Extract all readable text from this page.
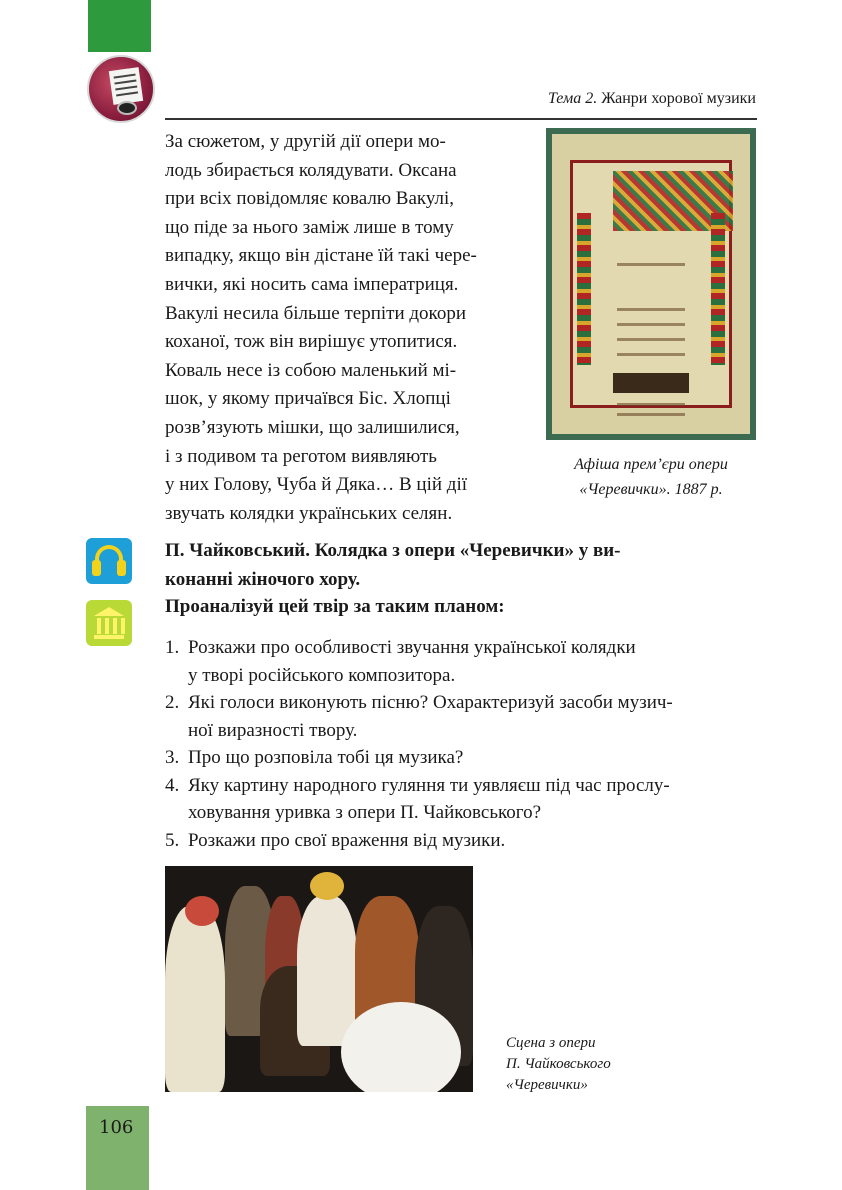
Тема 2. Жанри хорової музики
За сюжетом, у другій дії опери мо-
лодь збирається колядувати. Оксана
при всіх повідомляє ковалю Вакулі,
що піде за нього заміж лише в тому
випадку, якщо він дістане їй такі чере-
вички, які носить сама імператриця.
Вакулі несила більше терпіти докори
коханої, тож він вирішує утопитися.
Коваль несе із собою маленький мі-
шок, у якому причаївся Біс. Хлопці
розв’язують мішки, що залишилися,
і з подивом та реготом виявляють
у них Голову, Чуба й Дяка… В цій дії
звучать колядки українських селян.
Афіша прем’єри опери
«Черевички». 1887 р.
П. Чайковський. Колядка з опери «Черевички» у ви-
конанні жіночого хору.
Проаналізуй цей твір за таким планом:
1. Розкажи про особливості звучання української колядки
у творі російського композитора.
2. Які голоси виконують пісню? Охарактеризуй засоби музич-
ної виразності твору.
3. Про що розповіла тобі ця музика?
4. Яку картину народного гуляння ти уявляєш під час прослу-
ховування уривка з опери П. Чайковського?
5. Розкажи про свої враження від музики.
Сцена з опери
П. Чайковського
«Черевички»
106
